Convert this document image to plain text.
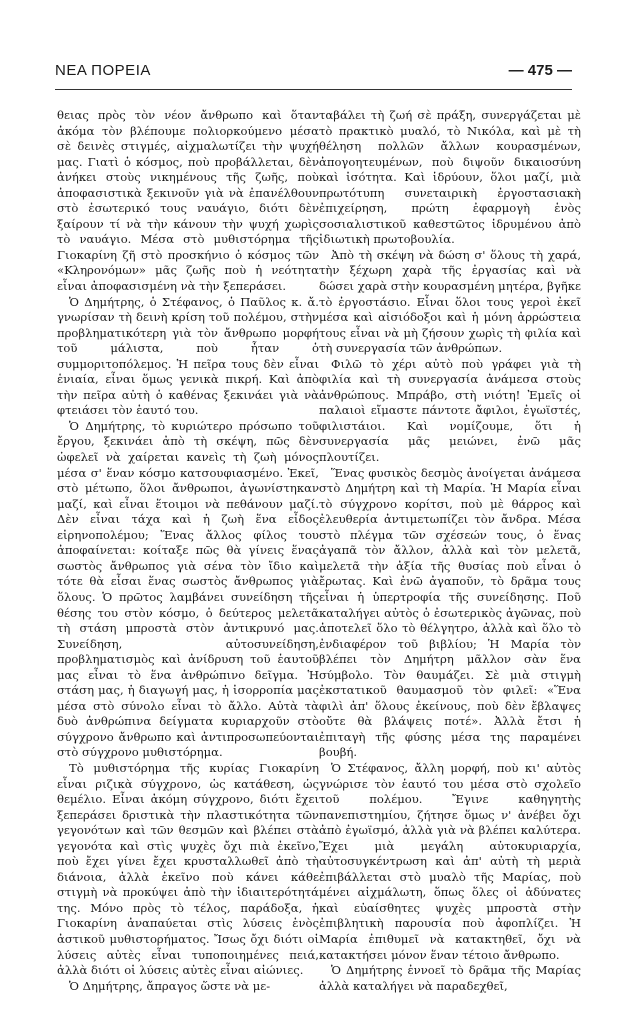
ΝΕΑ ΠΟΡΕΙΑ	— 475 —

θειας πρὸς τὸν νέον ἄνθρωπο καὶ ὅταν ἀκόμα τὸν βλέπουμε πολιορκούμενο μέσα σὲ δεινὲς στιγμές, αἰχμαλωτίζει τὴν ψυχή μας. Γιατὶ ὁ κόσμος, ποὺ προβάλλεται, δὲν ἀνήκει στοὺς νικημένους τῆς ζωῆς, ποὺ ἀποφασιστικὰ ξεκινοῦν γιὰ νὰ ἐπανέλθουν στὸ ἐσωτερικό τους ναυάγιο, διότι δὲν ξαίρουν τί νὰ τὴν κάνουν τὴν ψυχή χωρὶς τὸ ναυάγιο. Μέσα στὸ μυθιστόρημα τῆς Γιοκαρίνη ζῆ στὸ προσκήνιο ὁ κόσμος τῶν «Κληρονόμων» μᾶς ζωῆς ποὺ ἡ νεότητα εἶναι ἀποφασισμένη νὰ τὴν ξεπεράσει.

Ὁ Δημήτρης, ὁ Στέφανος, ὁ Παῦλος κ. ἄ. γνωρίσαν τὴ δεινὴ κρίση τοῦ πολέμου, στὴν προβληματικότερη γιὰ τὸν ἄνθρωπο μορφή τοῦ μάλιστα, ποὺ ἦταν ὁ συμμοριτοπόλεμος. Ἡ πεῖρα τους δὲν εἶναι ἑνιαία, εἶναι ὅμως γενικὰ πικρή. Καὶ ἀπὸ τὴν πεῖρα αὐτὴ ὁ καθένας ξεκινάει γιὰ νὰ φτειάσει τὸν ἑαυτό του.

Ὁ Δημήτρης, τὸ κυριώτερο πρόσωπο τοῦ ἔργου, ξεκινάει ἀπὸ τὴ σκέψη, πῶς δὲν ὠφελεῖ νὰ χαίρεται κανεὶς τὴ ζωὴ μόνος μέσα σ' ἕναν κόσμο κατσουφιασμένο. Ἐκεῖ, στὸ μέτωπο, ὅλοι ἄνθρωποι, ἀγωνίστηκαν μαζί, καὶ εἶναι ἕτοιμοι νὰ πεθάνουν μαζί. Δὲν εἶναι τάχα καὶ ἡ ζωὴ ἕνα εἶδος εἰρηνοπολέμου; Ἕνας ἄλλος φίλος του ἀποφαίνεται: κοίταξε πῶς θὰ γίνεις ἕνας σωστὸς ἄνθρωπος γιὰ σένα τὸν ἴδιο καὶ τότε θὰ εἶσαι ἕνας σωστὸς ἄνθρωπος γιὰ ὅλους. Ὁ πρῶτος λαμβάνει συνείδηση τῆς θέσης του στὸν κόσμο, ὁ δεύτερος μελετᾶ τὴ στάση μπροστὰ στὸν ἀντικρυνό μας. Συνείδηση, αὐτοσυνείδηση, προβληματισμὸς καὶ ἀνίδρυση τοῦ ἑαυτοῦ μας εἶναι τὸ ἕνα ἀνθρώπινο δεῖγμα. Ἡ στάση μας, ἡ διαγωγή μας, ἡ ἰσορροπία μας μέσα στὸ σύνολο εἶναι τὸ ἄλλο. Αὐτὰ τὰ δυὸ ἀνθρώπινα δείγματα κυριαρχοῦν στὸ σύγχρονο ἄνθρωπο καὶ ἀντιπροσωπεύονται στὸ σύγχρονο μυθιστόρημα.

Τὸ μυθιστόρημα τῆς κυρίας Γιοκαρίνη εἶναι ριζικὰ σύγχρονο, ὡς κατάθεση, ὡς θεμέλιο. Εἶναι ἀκόμη σύγχρονο, διότι ἔχει ξεπεράσει δριστικὰ τὴν πλαστικότητα τῶν γεγονότων καὶ τῶν θεσμῶν καὶ βλέπει στὰ γεγονότα καὶ στὶς ψυχὲς ὄχι πιὰ ἐκεῖνο, ποὺ ἔχει γίνει ἔχει κρυσταλλωθεῖ ἀπὸ τὴ διάνοια, ἀλλὰ ἐκεῖνο ποὺ κάνει κάθε στιγμὴ νὰ προκύψει ἀπὸ τὴν ἰδιαιτερότητά της. Μόνο πρὸς τὸ τέλος, παράδοξα, ἡ Γιοκαρίνη ἀναπαύεται στὶς λύσεις ἑνὸς ἀστικοῦ μυθιστορήματος. Ἴσως ὄχι διότι οἱ λύσεις αὐτὲς εἶναι τυποποιημένες πειά, ἀλλὰ διότι οἱ λύσεις αὐτὲς εἶναι αἰώνιες.

Ὁ Δημήτρης, ἄπραγος ὥστε νὰ με-

ταβάλει τὴ ζωή σὲ πράξη, συνεργάζεται μὲ τὸ πρακτικὸ μυαλό, τὸ Νικόλα, καὶ μὲ τὴ θέληση πολλῶν ἄλλων κουρασμένων, ἀπογοητευμένων, ποὺ διψοῦν δικαιοσύνη καὶ ἰσότητα. Καὶ ἱδρύουν, ὅλοι μαζί, μιὰ πρωτότυπη συνεταιρικὴ ἐργοστασιακὴ ἐπιχείρηση, πρώτη ἐφαρμογὴ ἑνὸς σοσιαλιστικοῦ καθεστῶτος ἱδρυμένου ἀπὸ ἰδιωτικὴ πρωτοβουλία.

Ἀπὸ τὴ σκέψη νὰ δώση σ' ὅλους τὴ χαρά, τὴν ξέχωρη χαρὰ τῆς ἐργασίας καὶ νὰ δώσει χαρὰ στὴν κουρασμένη μητέρα, βγῆκε τὸ ἐργοστάσιο. Εἶναι ὅλοι τους γεροὶ ἐκεῖ μέσα καὶ αἰσιόδοξοι καὶ ἡ μόνη ἀρρώστεια τους εἶναι νὰ μὴ ζήσουν χωρὶς τὴ φιλία καὶ τὴ συνεργασία τῶν ἀνθρώπων.

Φιλῶ τὸ χέρι αὐτὸ ποὺ γράφει γιὰ τὴ φιλία καὶ τὴ συνεργασία ἀνάμεσα στοὺς ἀνθρώπους. Μπράβο, στὴ νιότη! Ἐμεῖς οἱ παλαιοὶ εἴμαστε πάντοτε ἄφιλοι, ἐγωϊστές, φιλιστάιοι. Καὶ νομίζουμε, ὅτι ἡ συνεργασία μᾶς μειώνει, ἐνῶ μᾶς πλουτίζει.

Ἕνας φυσικὸς δεσμὸς ἀνοίγεται ἀνάμεσα στὸ Δημήτρη καὶ τὴ Μαρία. Ἡ Μαρία εἶναι τὸ σύγχρονο κορίτσι, ποὺ μὲ θάρρος καὶ ἐλευθερία ἀντιμετωπίζει τὸν ἄνδρα. Μέσα στὸ πλέγμα τῶν σχέσεών τους, ὁ ἕνας ἀγαπᾶ τὸν ἄλλον, ἀλλὰ καὶ τὸν μελετᾶ, μελετᾶ τὴν ἀξία τῆς θυσίας ποὺ εἶναι ὁ ἔρωτας. Καὶ ἐνῶ ἀγαποῦν, τὸ δρᾶμα τους εἶναι ἡ ὑπερτροφία τῆς συνείδησης. Ποῦ καταλήγει αὐτὸς ὁ ἐσωτερικὸς ἀγῶνας, ποὺ ἀποτελεῖ ὅλο τὸ θέλγητρο, ἀλλὰ καὶ ὅλο τὸ ἐνδιαφέρον τοῦ βιβλίου; Ἡ Μαρία τὸν βλέπει τὸν Δημήτρη μᾶλλον σὰν ἕνα σύμβολο. Τὸν θαυμάζει. Σὲ μιὰ στιγμὴ ἐκστατικοῦ θαυμασμοῦ τὸν φιλεῖ: «Ἕνα φιλὶ ἀπ' ὅλους ἐκείνους, ποὺ δὲν ἔβλαψες οὔτε θὰ βλάψεις ποτέ». Ἀλλὰ ἔτσι ἡ ἐπιταγὴ τῆς φύσης μέσα της παραμένει βουβή.

Ὁ Στέφανος, ἄλλη μορφή, ποὺ κι' αὐτὸς γνώρισε τὸν ἑαυτό του μέσα στὸ σχολεῖο τοῦ πολέμου. Ἔγινε καθηγητὴς πανεπιστημίου, ζήτησε ὅμως ν' ἀνέβει ὄχι ἀπὸ ἐγωϊσμό, ἀλλὰ γιὰ νὰ βλέπει καλύτερα. Ἔχει μιὰ μεγάλη αὐτοκυριαρχία, αὐτοσυγκέντρωση καὶ ἀπ' αὐτὴ τὴ μεριὰ ἐπιβάλλεται στὸ μυαλὸ τῆς Μαρίας, ποὺ μένει αἰχμάλωτη, ὅπως ὅλες οἱ ἀδύνατες καὶ εὐαίσθητες ψυχὲς μπροστὰ στὴν ἐπιβλητικὴ παρουσία ποὺ ἀφοπλίζει. Ἡ Μαρία ἐπιθυμεῖ νὰ κατακτηθεῖ, ὄχι νὰ κατακτήσει μόνον ἕναν τέτοιο ἄνθρωπο.

Ὁ Δημήτρης ἐννοεῖ τὸ δρᾶμα τῆς Μαρίας ἀλλὰ καταλήγει νὰ παραδεχθεῖ,
